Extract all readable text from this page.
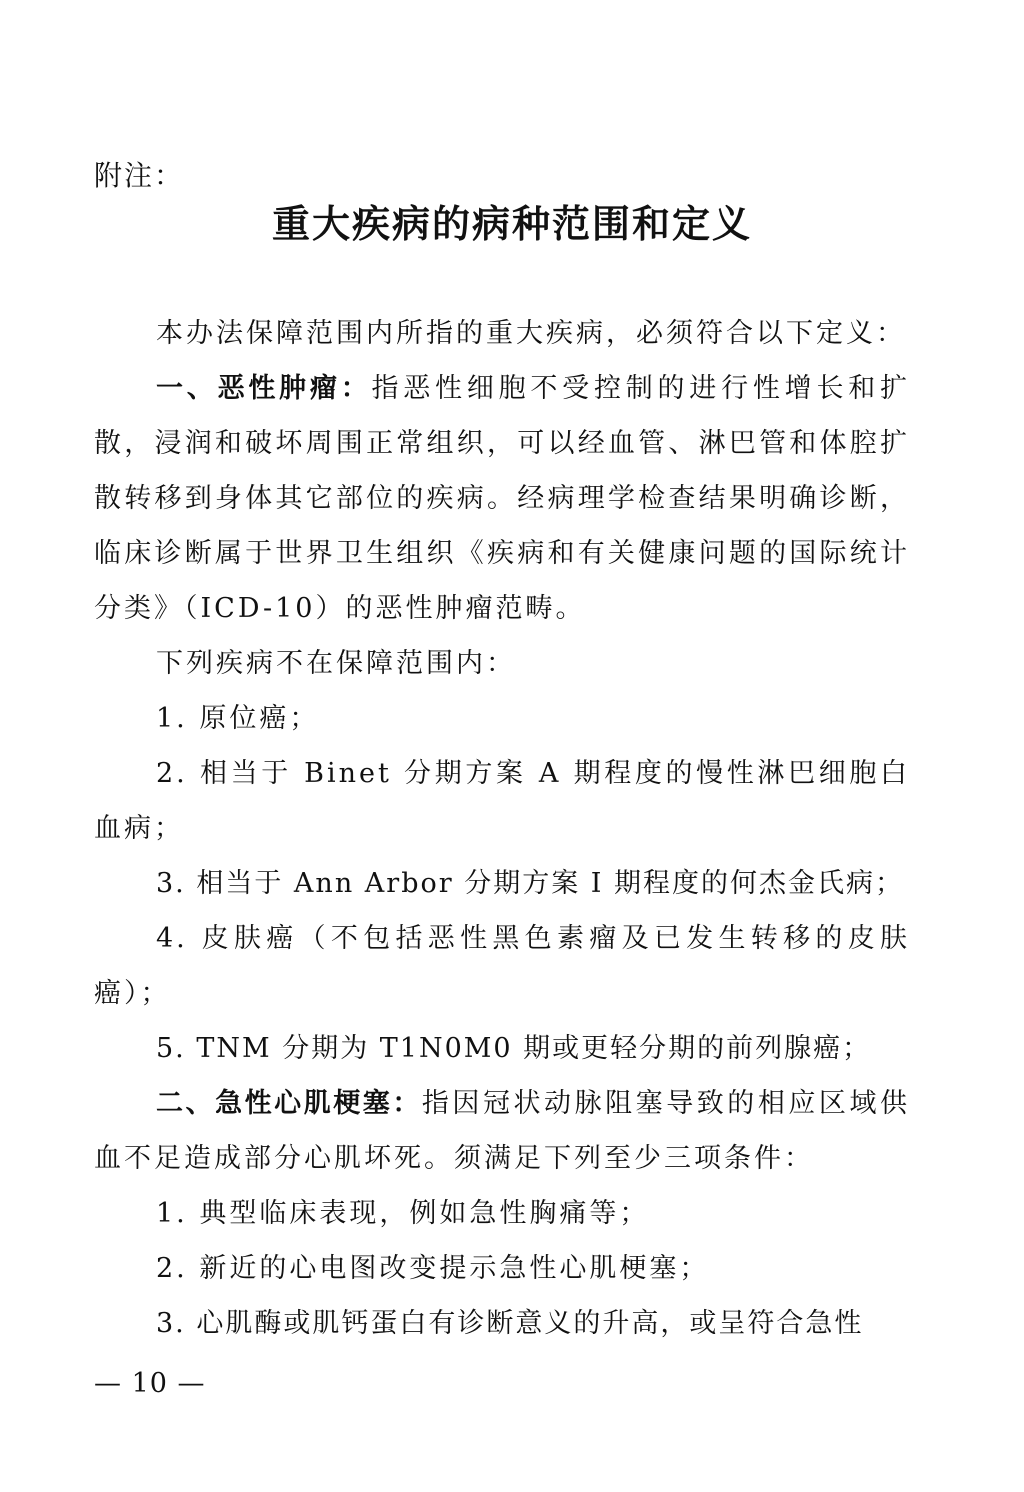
附注：
重大疾病的病种范围和定义

本办法保障范围内所指的重大疾病，必须符合以下定义：

一、恶性肿瘤：指恶性细胞不受控制的进行性增长和扩散，浸润和破坏周围正常组织，可以经血管、淋巴管和体腔扩散转移到身体其它部位的疾病。经病理学检查结果明确诊断，临床诊断属于世界卫生组织《疾病和有关健康问题的国际统计分类》（ICD-10）的恶性肿瘤范畴。

下列疾病不在保障范围内：

1. 原位癌；

2. 相当于 Binet 分期方案 A 期程度的慢性淋巴细胞白血病；

3. 相当于 Ann Arbor 分期方案 I 期程度的何杰金氏病；

4. 皮肤癌（不包括恶性黑色素瘤及已发生转移的皮肤癌）；

5. TNM 分期为 T1N0M0 期或更轻分期的前列腺癌；

二、急性心肌梗塞：指因冠状动脉阻塞导致的相应区域供血不足造成部分心肌坏死。须满足下列至少三项条件：

1. 典型临床表现，例如急性胸痛等；

2. 新近的心电图改变提示急性心肌梗塞；

3. 心肌酶或肌钙蛋白有诊断意义的升高，或呈符合急性

— 10 —
